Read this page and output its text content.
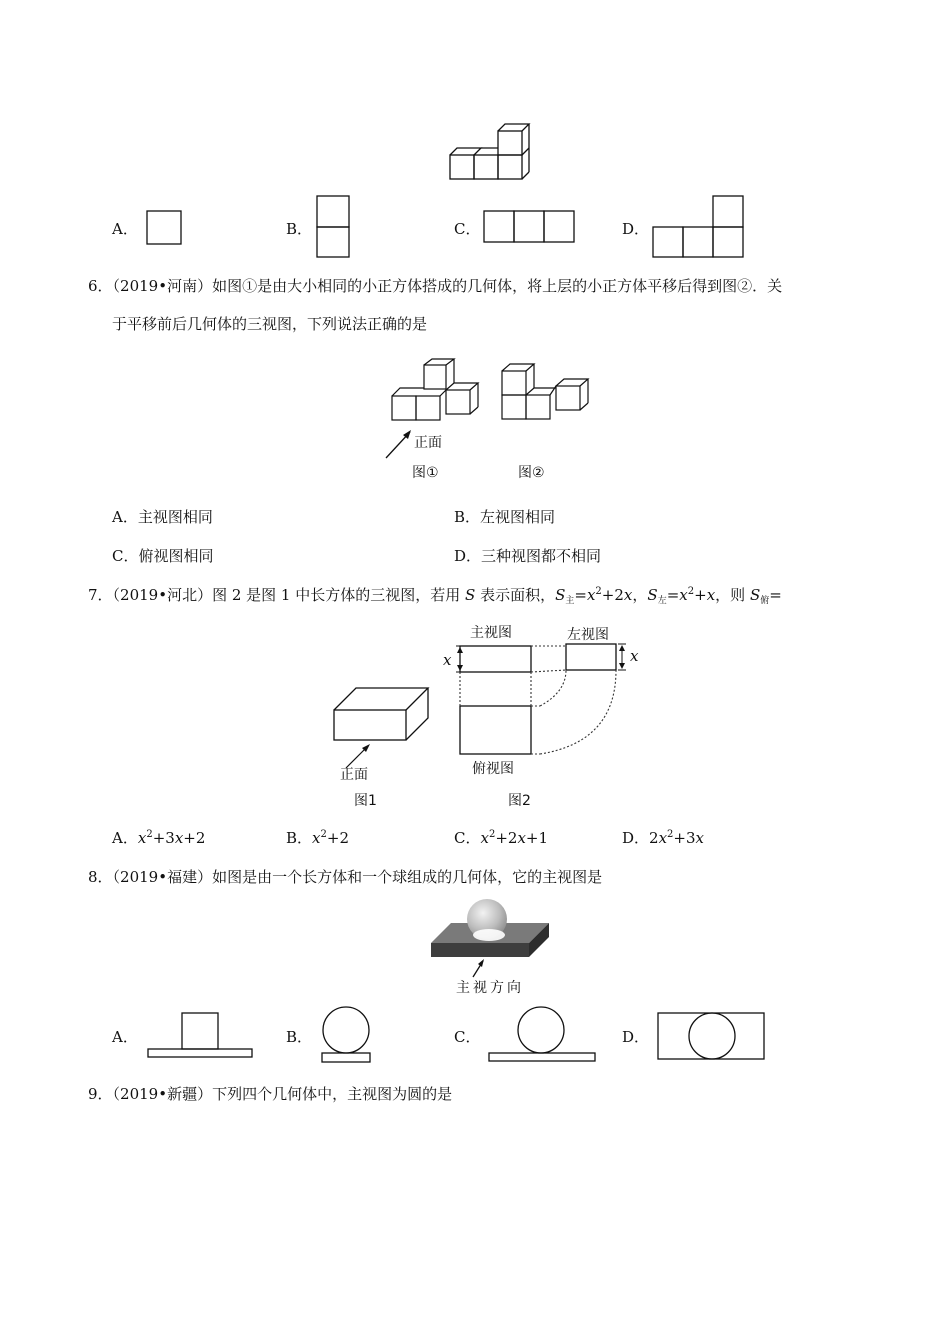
A．	B．	C．	D．
6．（2019•河南）如图①是由大小相同的小正方体搭成的几何体，将上层的小正方体平移后得到图②．关
于平移前后几何体的三视图，下列说法正确的是
正面
图①	图②
A．主视图相同	B．左视图相同
C．俯视图相同	D．三种视图都不相同
7．（2019•河北）图 2 是图 1 中长方体的三视图，若用 S 表示面积，$S_主=x^2+2x$，$S_左=x^2+x$，则 $S_俯=$
主视图	左视图
俯视图
x	x
正面
图1	图2
A．$x^2+3x+2$	B．$x^2+2$	C．$x^2+2x+1$	D．$2x^2+3x$
8．（2019•福建）如图是由一个长方体和一个球组成的几何体，它的主视图是
主视方向
A．	B．	C．	D．
9．（2019•新疆）下列四个几何体中，主视图为圆的是
